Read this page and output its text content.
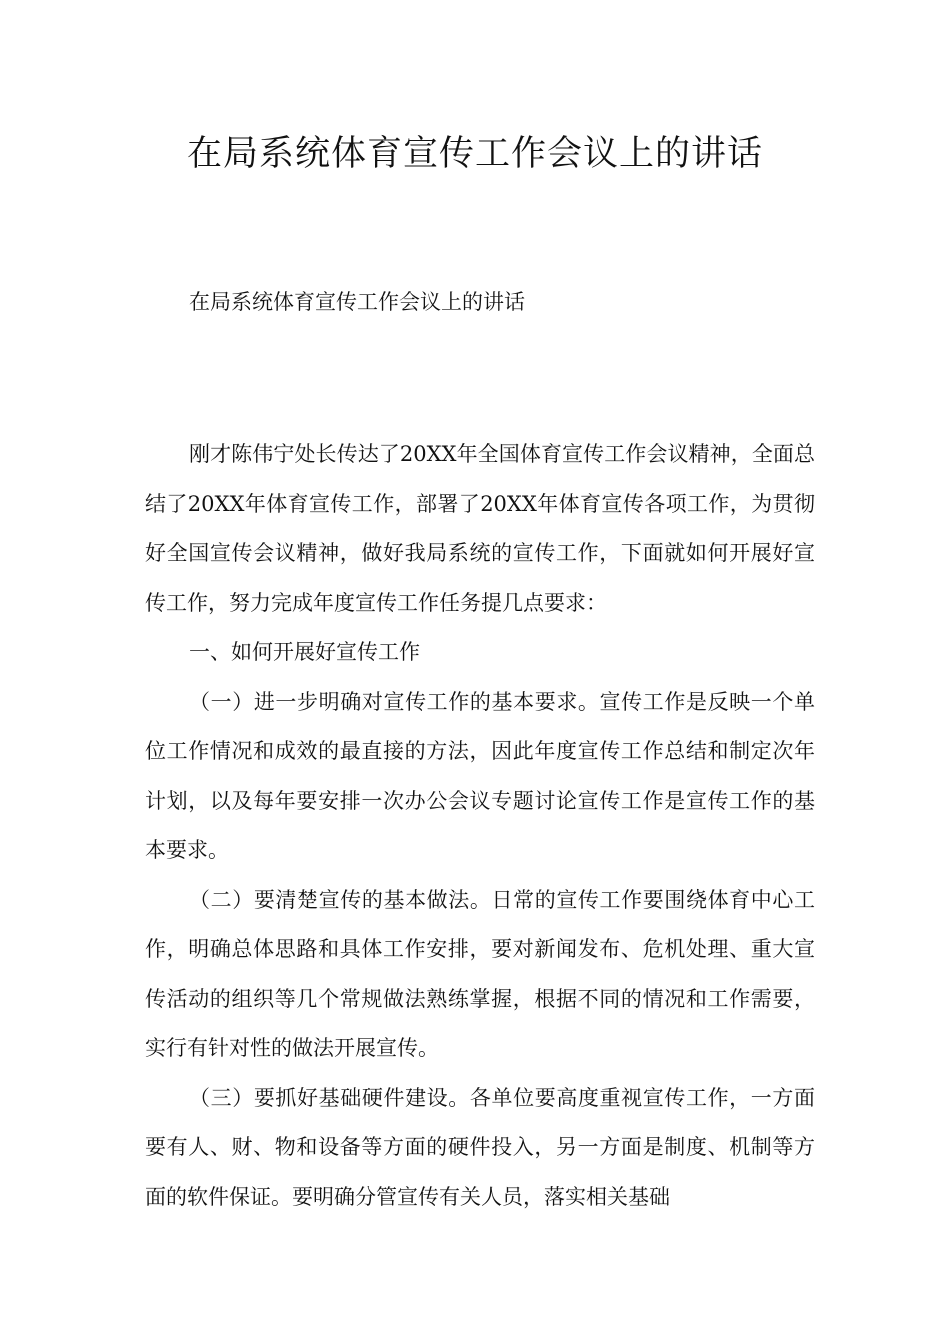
在局系统体育宣传工作会议上的讲话

在局系统体育宣传工作会议上的讲话

刚才陈伟宁处长传达了20XX年全国体育宣传工作会议精神，全面总结了20XX年体育宣传工作，部署了20XX年体育宣传各项工作，为贯彻好全国宣传会议精神，做好我局系统的宣传工作，下面就如何开展好宣传工作，努力完成年度宣传工作任务提几点要求：

一、如何开展好宣传工作

（一）进一步明确对宣传工作的基本要求。宣传工作是反映一个单位工作情况和成效的最直接的方法，因此年度宣传工作总结和制定次年计划，以及每年要安排一次办公会议专题讨论宣传工作是宣传工作的基本要求。

（二）要清楚宣传的基本做法。日常的宣传工作要围绕体育中心工作，明确总体思路和具体工作安排，要对新闻发布、危机处理、重大宣传活动的组织等几个常规做法熟练掌握，根据不同的情况和工作需要，实行有针对性的做法开展宣传。

（三）要抓好基础硬件建设。各单位要高度重视宣传工作，一方面要有人、财、物和设备等方面的硬件投入，另一方面是制度、机制等方面的软件保证。要明确分管宣传有关人员，落实相关基础
